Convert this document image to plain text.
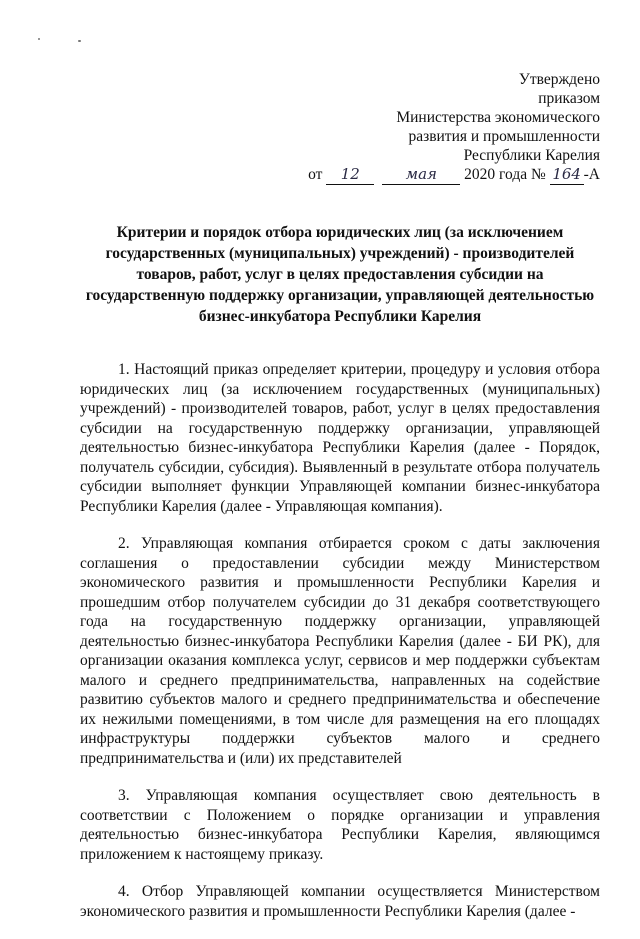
Утверждено
приказом
Министерства экономического
развития и промышленности
Республики Карелия
от 12	мая 2020 года № 164 -А
Критерии и порядок отбора юридических лиц (за исключением государственных (муниципальных) учреждений) - производителей товаров, работ, услуг в целях предоставления субсидии на государственную поддержку организации, управляющей деятельностью бизнес-инкубатора Республики Карелия

1. Настоящий приказ определяет критерии, процедуру и условия отбора юридических лиц (за исключением государственных (муниципальных) учреждений) - производителей товаров, работ, услуг в целях предоставления субсидии на государственную поддержку организации, управляющей деятельностью бизнес-инкубатора Республики Карелия (далее - Порядок, получатель субсидии, субсидия). Выявленный в результате отбора получатель субсидии выполняет функции Управляющей компании бизнес-инкубатора Республики Карелия (далее - Управляющая компания).

2. Управляющая компания отбирается сроком с даты заключения соглашения о предоставлении субсидии между Министерством экономического развития и промышленности Республики Карелия и прошедшим отбор получателем субсидии до 31 декабря соответствующего года на государственную поддержку организации, управляющей деятельностью бизнес-инкубатора Республики Карелия (далее - БИ РК), для организации оказания комплекса услуг, сервисов и мер поддержки субъектам малого и среднего предпринимательства, направленных на содействие развитию субъектов малого и среднего предпринимательства и обеспечение их нежилыми помещениями, в том числе для размещения на его площадях инфраструктуры поддержки субъектов малого и среднего предпринимательства и (или) их представителей

3. Управляющая компания осуществляет свою деятельность в соответствии с Положением о порядке организации и управления деятельностью бизнес-инкубатора Республики Карелия, являющимся приложением к настоящему приказу.

4. Отбор Управляющей компании осуществляется Министерством экономического развития и промышленности Республики Карелия (далее -
